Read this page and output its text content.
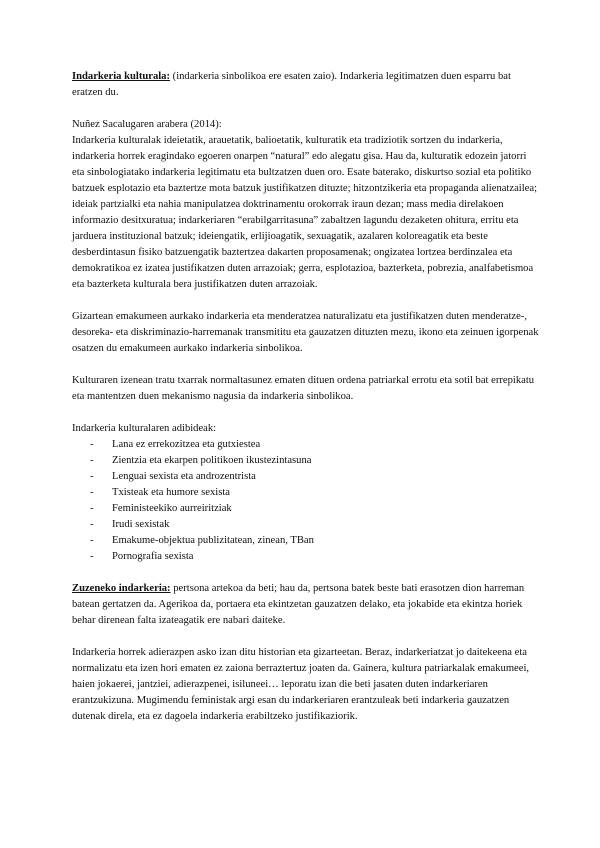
Indarkeria kulturala: (indarkeria sinbolikoa ere esaten zaio). Indarkeria legitimatzen duen esparru bat eratzen du.

Nuñez Sacalugaren arabera (2014):

Indarkeria kulturalak ideietatik, arauetatik, balioetatik, kulturatik eta tradiziotik sortzen du indarkeria, indarkeria horrek eragindako egoeren onarpen “natural” edo alegatu gisa. Hau da, kulturatik edozein jatorri eta sinbologiatako indarkeria legitimatu eta bultzatzen duen oro. Esate baterako, diskurtso sozial eta politiko batzuek esplotazio eta baztertze mota batzuk justifikatzen dituzte; hitzontzikeria eta propaganda alienatzailea; ideiak partzialki eta nahia manipulatzea doktrinamentu orokorrak iraun dezan; mass media direlakoen informazio desitxuratua; indarkeriaren “erabilgarritasuna” zabaltzen lagundu dezaketen ohitura, erritu eta jarduera instituzional batzuk; ideiengatik, erlijioagatik, sexuagatik, azalaren koloreagatik eta beste desberdintasun fisiko batzuengatik baztertzea dakarten proposamenak; ongizatea lortzea berdinzalea eta demokratikoa ez izatea justifikatzen duten arrazoiak; gerra, esplotazioa, bazterketa, pobrezia, analfabetismoa eta bazterketa kulturala bera justifikatzen duten arrazoiak.

Gizartean emakumeen aurkako indarkeria eta menderatzea naturalizatu eta justifikatzen duten menderatze-, desoreka- eta diskriminazio-harremanak transmititu eta gauzatzen dituzten mezu, ikono eta zeinuen igorpenak osatzen du emakumeen aurkako indarkeria sinbolikoa.

Kulturaren izenean tratu txarrak normaltasunez ematen dituen ordena patriarkal errotu eta sotil bat errepikatu eta mantentzen duen mekanismo nagusia da indarkeria sinbolikoa.

Indarkeria kulturalaren adibideak:

- Lana ez errekozitzea eta gutxiestea
- Zientzia eta ekarpen politikoen ikustezintasuna
- Lenguai sexista eta androzentrista
- Txisteak eta humore sexista
- Feministeekiko aurreiritziak
- Irudi sexistak
- Emakume-objektua publizitatean, zinean, TBan
- Pornografia sexista

Zuzeneko indarkeria: pertsona artekoa da beti; hau da, pertsona batek beste bati erasotzen dion harreman batean gertatzen da. Agerikoa da, portaera eta ekintzetan gauzatzen delako, eta jokabide eta ekintza horiek behar direnean falta izateagatik ere nabari daiteke.

Indarkeria horrek adierazpen asko izan ditu historian eta gizarteetan. Beraz, indarkeriatzat jo daitekeena eta normalizatu eta izen hori ematen ez zaiona berraztertuz joaten da. Gainera, kultura patriarkalak emakumeei, haien jokaerei, jantziei, adierazpenei, isiluneei… leporatu izan die beti jasaten duten indarkeriaren erantzukizuna. Mugimendu feministak argi esan du indarkeriaren erantzuleak beti indarkeria gauzatzen dutenak direla, eta ez dagoela indarkeria erabiltzeko justifikaziorik.
